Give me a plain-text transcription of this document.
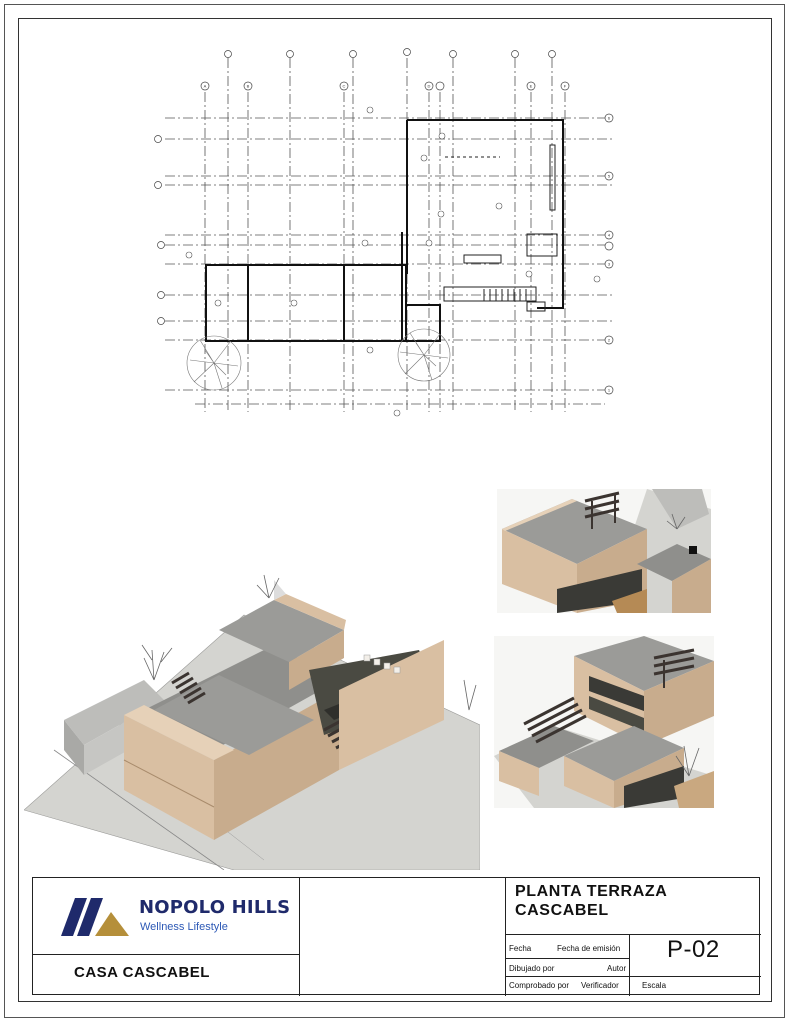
A	B	C	D	E	F
6
5
4
3
2
1
NOPOLO HILLS
Wellness Lifestyle
CASA CASCABEL
PLANTA TERRAZA
CASCABEL
Fecha	Fecha de emisión
Dibujado por	Autor
Comprobado por Verificador	Escala
P-02
